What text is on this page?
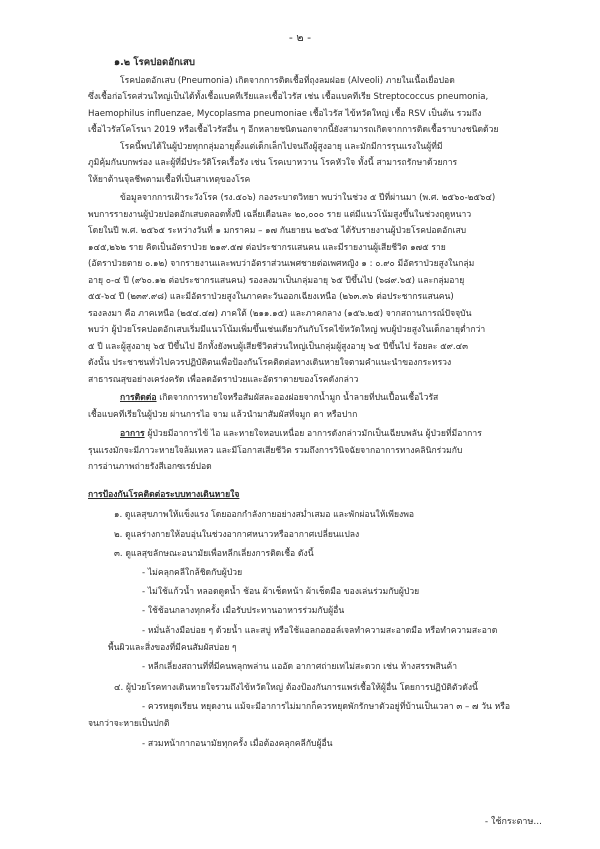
- ๒ -
๑.๒ โรคปอดอักเสบ
โรคปอดอักเสบ (Pneumonia) เกิดจากการติดเชื้อที่ถุงลมฝอย (Alveoli) ภายในเนื้อเยื่อปอด
ซึ่งเชื้อก่อโรคส่วนใหญ่เป็นได้ทั้งเชื้อแบคทีเรียและเชื้อไวรัส เช่น เชื้อแบคทีเรีย Streptococcus pneumonia,
Haemophilus influenzae, Mycoplasma pneumoniae เชื้อไวรัส ไข้หวัดใหญ่ เชื้อ RSV เป็นต้น รวมถึง
เชื้อไวรัสโคโรนา 2019 หรือเชื้อไวรัสอื่น ๆ อีกหลายชนิดนอกจากนี้ยังสามารถเกิดจากการติดเชื้อราบางชนิดด้วย
โรคนี้พบได้ในผู้ป่วยทุกกลุ่มอายุตั้งแต่เด็กเล็กไปจนถึงผู้สูงอายุ และมักมีการรุนแรงในผู้ที่มี
ภูมิคุ้มกันบกพร่อง และผู้ที่มีประวัติโรคเรื้อรัง เช่น โรคเบาหวาน โรคหัวใจ ทั้งนี้ สามารถรักษาด้วยการ
ให้ยาต้านจุลชีพตามเชื้อที่เป็นสาเหตุของโรค
ข้อมูลจากการเฝ้าระวังโรค (รง.๕๐๖) กองระบาดวิทยา พบว่าในช่วง ๕ ปีที่ผ่านมา (พ.ศ. ๒๕๖๐-๒๕๖๔)
พบการรายงานผู้ป่วยปอดอักเสบตลอดทั้งปี เฉลี่ยเดือนละ ๒๐,๐๐๐ ราย แต่มีแนวโน้มสูงขึ้นในช่วงฤดูหนาว
โดยในปี พ.ศ. ๒๕๖๕ ระหว่างวันที่ ๑ มกราคม – ๑๗ กันยายน ๒๕๖๕ ได้รับรายงานผู้ป่วยโรคปอดอักเสบ
๑๔๕,๒๖๒ ราย คิดเป็นอัตราป่วย ๒๑๙.๕๗ ต่อประชากรแสนคน และมีรายงานผู้เสียชีวิต ๑๗๕ ราย
(อัตราป่วยตาย ๐.๑๒) จากรายงานและพบว่าอัตราส่วนเพศชายต่อเพศหญิง ๑ : ๐.๙๐ มีอัตราป่วยสูงในกลุ่ม
อายุ ๐-๔ ปี (๙๖๐.๑๒ ต่อประชากรแสนคน) รองลงมาเป็นกลุ่มอายุ ๖๕ ปีขึ้นไป (๖๘๙.๖๕) และกลุ่มอายุ
๕๕-๖๔ ปี (๒๓๙.๙๘) และมีอัตราป่วยสูงในภาคตะวันออกเฉียงเหนือ (๒๖๓.๓๖ ต่อประชากรแสนคน)
รองลงมา คือ ภาคเหนือ (๒๕๔.๔๗) ภาคใต้ (๒๑๑.๑๕) และภาคกลาง (๑๕๖.๒๕) จากสถานการณ์ปัจจุบัน
พบว่า ผู้ป่วยโรคปอดอักเสบเริ่มมีแนวโน้มเพิ่มขึ้นเช่นเดียวกันกับโรคไข้หวัดใหญ่ พบผู้ป่วยสูงในเด็กอายุต่ำกว่า
๕ ปี และผู้สูงอายุ ๖๕ ปีขึ้นไป อีกทั้งยังพบผู้เสียชีวิตส่วนใหญ่เป็นกลุ่มผู้สูงอายุ ๖๕ ปีขึ้นไป ร้อยละ ๕๙.๔๓
ดังนั้น ประชาชนทั่วไปควรปฏิบัติตนเพื่อป้องกันโรคติดต่อทางเดินหายใจตามคำแนะนำของกระทรวง
สาธารณสุขอย่างเคร่งครัด เพื่อลดอัตราป่วยและอัตราตายของโรคดังกล่าว
การติดต่อ เกิดจากการหายใจหรือสัมผัสละอองฝอยจากน้ำมูก น้ำลายที่ปนเปื้อนเชื้อไวรัส
เชื้อแบคทีเรียในผู้ป่วย ผ่านการไอ จาม แล้วนำมาสัมผัสที่จมูก ตา หรือปาก
อาการ ผู้ป่วยมีอาการไข้ ไอ และหายใจหอบเหนื่อย อาการดังกล่าวมักเป็นเฉียบพลัน ผู้ป่วยที่มีอาการ
รุนแรงมักจะมีภาวะหายใจล้มเหลว และมีโอกาสเสียชีวิต รวมถึงการวินิจฉัยจากอาการทางคลินิกร่วมกับ
การอ่านภาพถ่ายรังสีเอกซเรย์ปอด
การป้องกันโรคติดต่อระบบทางเดินหายใจ
๑. ดูแลสุขภาพให้แข็งแรง โดยออกกำลังกายอย่างสม่ำเสมอ และพักผ่อนให้เพียงพอ
๒. ดูแลร่างกายให้อบอุ่นในช่วงอากาศหนาวหรืออากาศเปลี่ยนแปลง
๓. ดูแลสุขลักษณะอนามัยเพื่อหลีกเลี่ยงการติดเชื้อ ดังนี้
- ไม่คลุกคลีใกล้ชิดกับผู้ป่วย
- ไม่ใช้แก้วน้ำ หลอดดูดน้ำ ช้อน ผ้าเช็ดหน้า ผ้าเช็ดมือ ของเล่นร่วมกับผู้ป่วย
- ใช้ช้อนกลางทุกครั้ง เมื่อรับประทานอาหารร่วมกับผู้อื่น
- หมั่นล้างมือบ่อย ๆ ด้วยน้ำ และสบู่ หรือใช้แอลกอฮอล์เจลทำความสะอาดมือ หรือทำความสะอาด
พื้นผิวและสิ่งของที่มีคนสัมผัสบ่อย ๆ
- หลีกเลี่ยงสถานที่ที่มีคนพลุกพล่าน แออัด อากาศถ่ายเทไม่สะดวก เช่น ห้างสรรพสินค้า
๔. ผู้ป่วยโรคทางเดินหายใจรวมถึงไข้หวัดใหญ่ ต้องป้องกันการแพร่เชื้อให้ผู้อื่น โดยการปฏิบัติตัวดังนี้
- ควรหยุดเรียน หยุดงาน แม้จะมีอาการไม่มากก็ควรหยุดพักรักษาตัวอยู่ที่บ้านเป็นเวลา ๓ – ๗ วัน หรือ
จนกว่าจะหายเป็นปกติ
- สวมหน้ากากอนามัยทุกครั้ง เมื่อต้องคลุกคลีกับผู้อื่น
- ใช้กระดาษ...
